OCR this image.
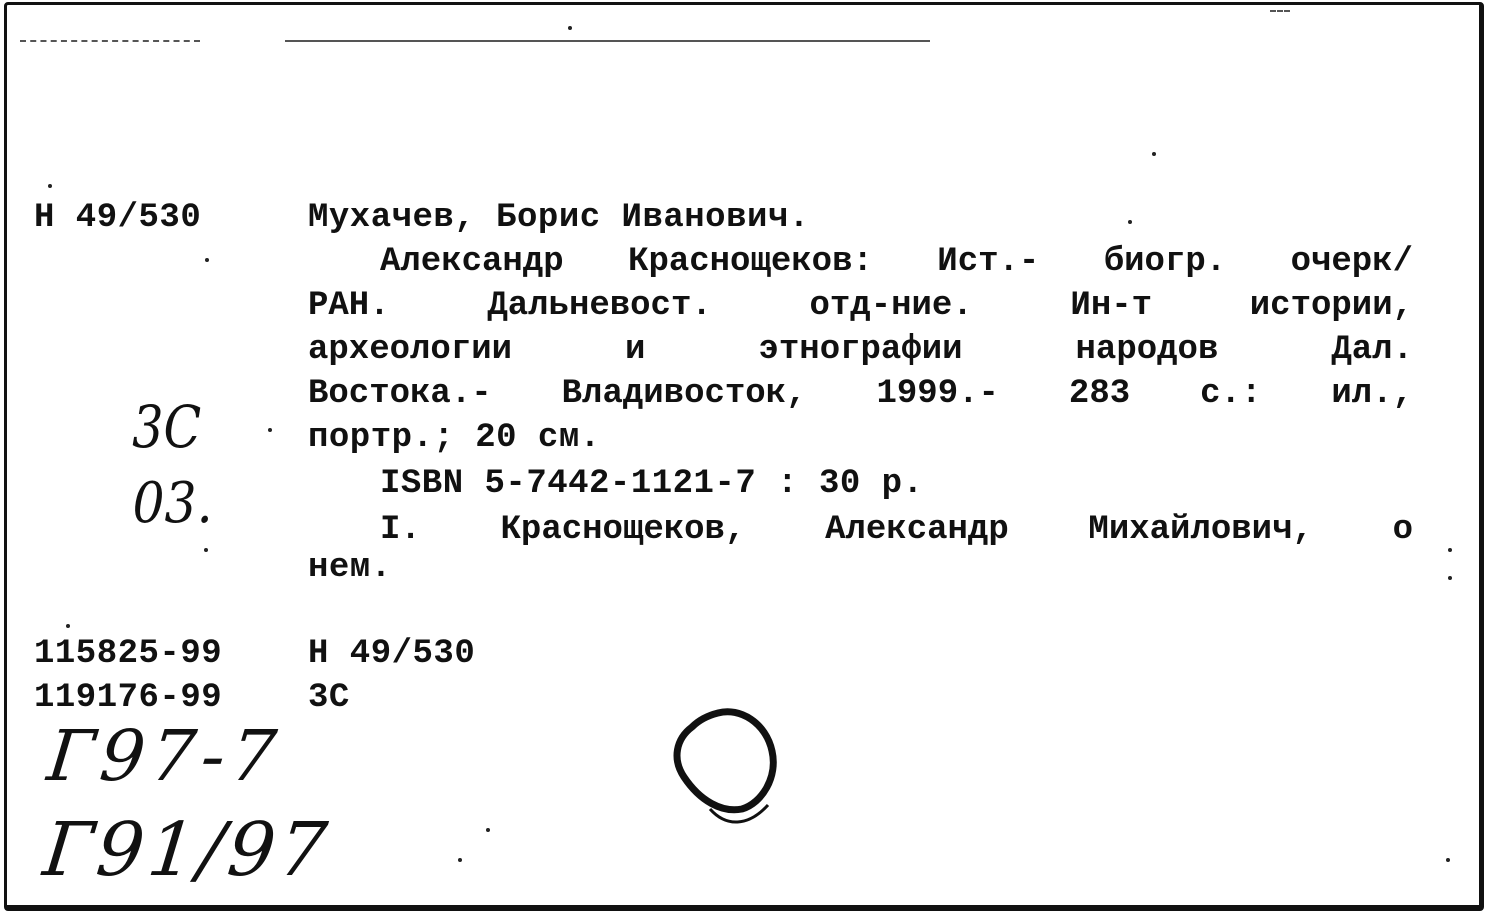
Н 49/530	Мухачев, Борис Иванович.
Александр Краснощеков: Ист.- биогр. очерк/
РАН. Дальневост. отд-ние. Ин-т истории,
археологии и этнографии народов Дал.
Востока.- Владивосток, 1999.- 283 с.: ил.,
портр.; 20 см.
ISBN 5-7442-1121-7 : 30 р.
I. Краснощеков, Александр Михайлович, о
нем.
115825-99	Н 49/530
119176-99	3С
3С
03.
Г97-7
Г91/97
